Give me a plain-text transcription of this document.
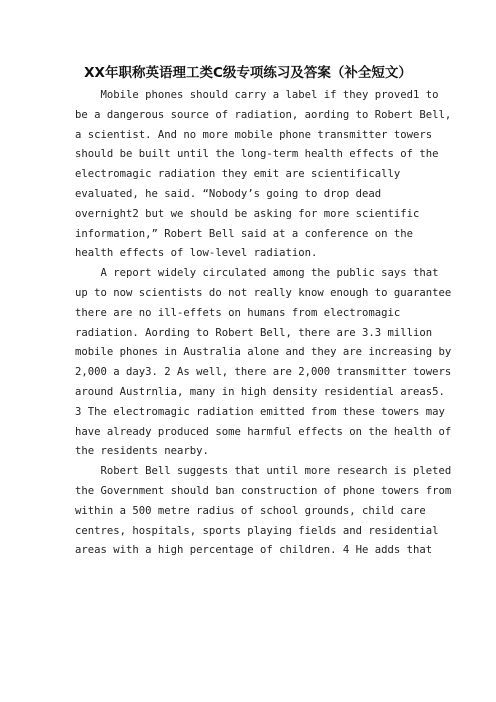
XX年职称英语理工类C级专项练习及答案（补全短文）
Mobile phones should carry a label if they proved1 to
be a dangerous source of radiation, aording to Robert Bell,
a scientist. And no more mobile phone transmitter towers
should be built until the long-term health effects of the
electromagic radiation they emit are scientifically
evaluated, he said. “Nobody’s going to drop dead
overnight2 but we should be asking for more scientific
information,” Robert Bell said at a conference on the
health effects of low-level radiation.
A report widely circulated among the public says that
up to now scientists do not really know enough to guarantee
there are no ill-effets on humans from electromagic
radiation. Aording to Robert Bell, there are 3.3 million
mobile phones in Australia alone and they are increasing by
2,000 a day3. 2 As well, there are 2,000 transmitter towers
around Austrnlia, many in high density residential areas5.
3 The electromagic radiation emitted from these towers may
have already produced some harmful effects on the health of
the residents nearby.
Robert Bell suggests that until more research is pleted
the Government should ban construction of phone towers from
within a 500 metre radius of school grounds, child care
centres, hospitals, sports playing fields and residential
areas with a high percentage of children. 4 He adds that
